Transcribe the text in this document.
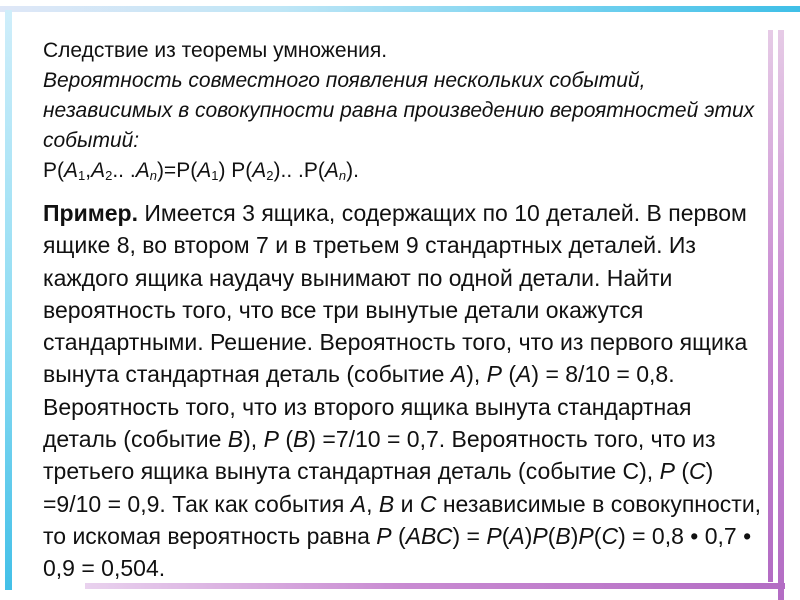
Следствие из теоремы умножения.

Вероятность совместного появления нескольких событий, независимых в совокупности равна произведению вероятностей этих событий:

$P(A_1,A_2$.. $.A_n)=P(A_1)$ $P(A_2)$.. $.P(A_n)$.

Пример. Имеется 3 ящика, содержащих по 10 деталей. В первом ящике 8, во втором 7 и в третьем 9 стандартных деталей. Из каждого ящика наудачу вынимают по одной детали. Найти вероятность того, что все три вынутые детали окажутся стандартными. Решение. Вероятность того, что из первого ящика вынута стандартная деталь (событие А), Р (А) = 8/10 = 0,8. Вероятность того, что из второго ящика вынута стандартная деталь (событие В), Р (В) =7/10 = 0,7. Вероятность того, что из третьего ящика вынута стандартная деталь (событие С), Р (С) =9/10 = 0,9. Так как события А, В и С независимые в совокупности, то искомая вероятность равна Р (АВС) = Р(А)Р(В)Р(С) = 0,8 • 0,7 • 0,9 = 0,504.
